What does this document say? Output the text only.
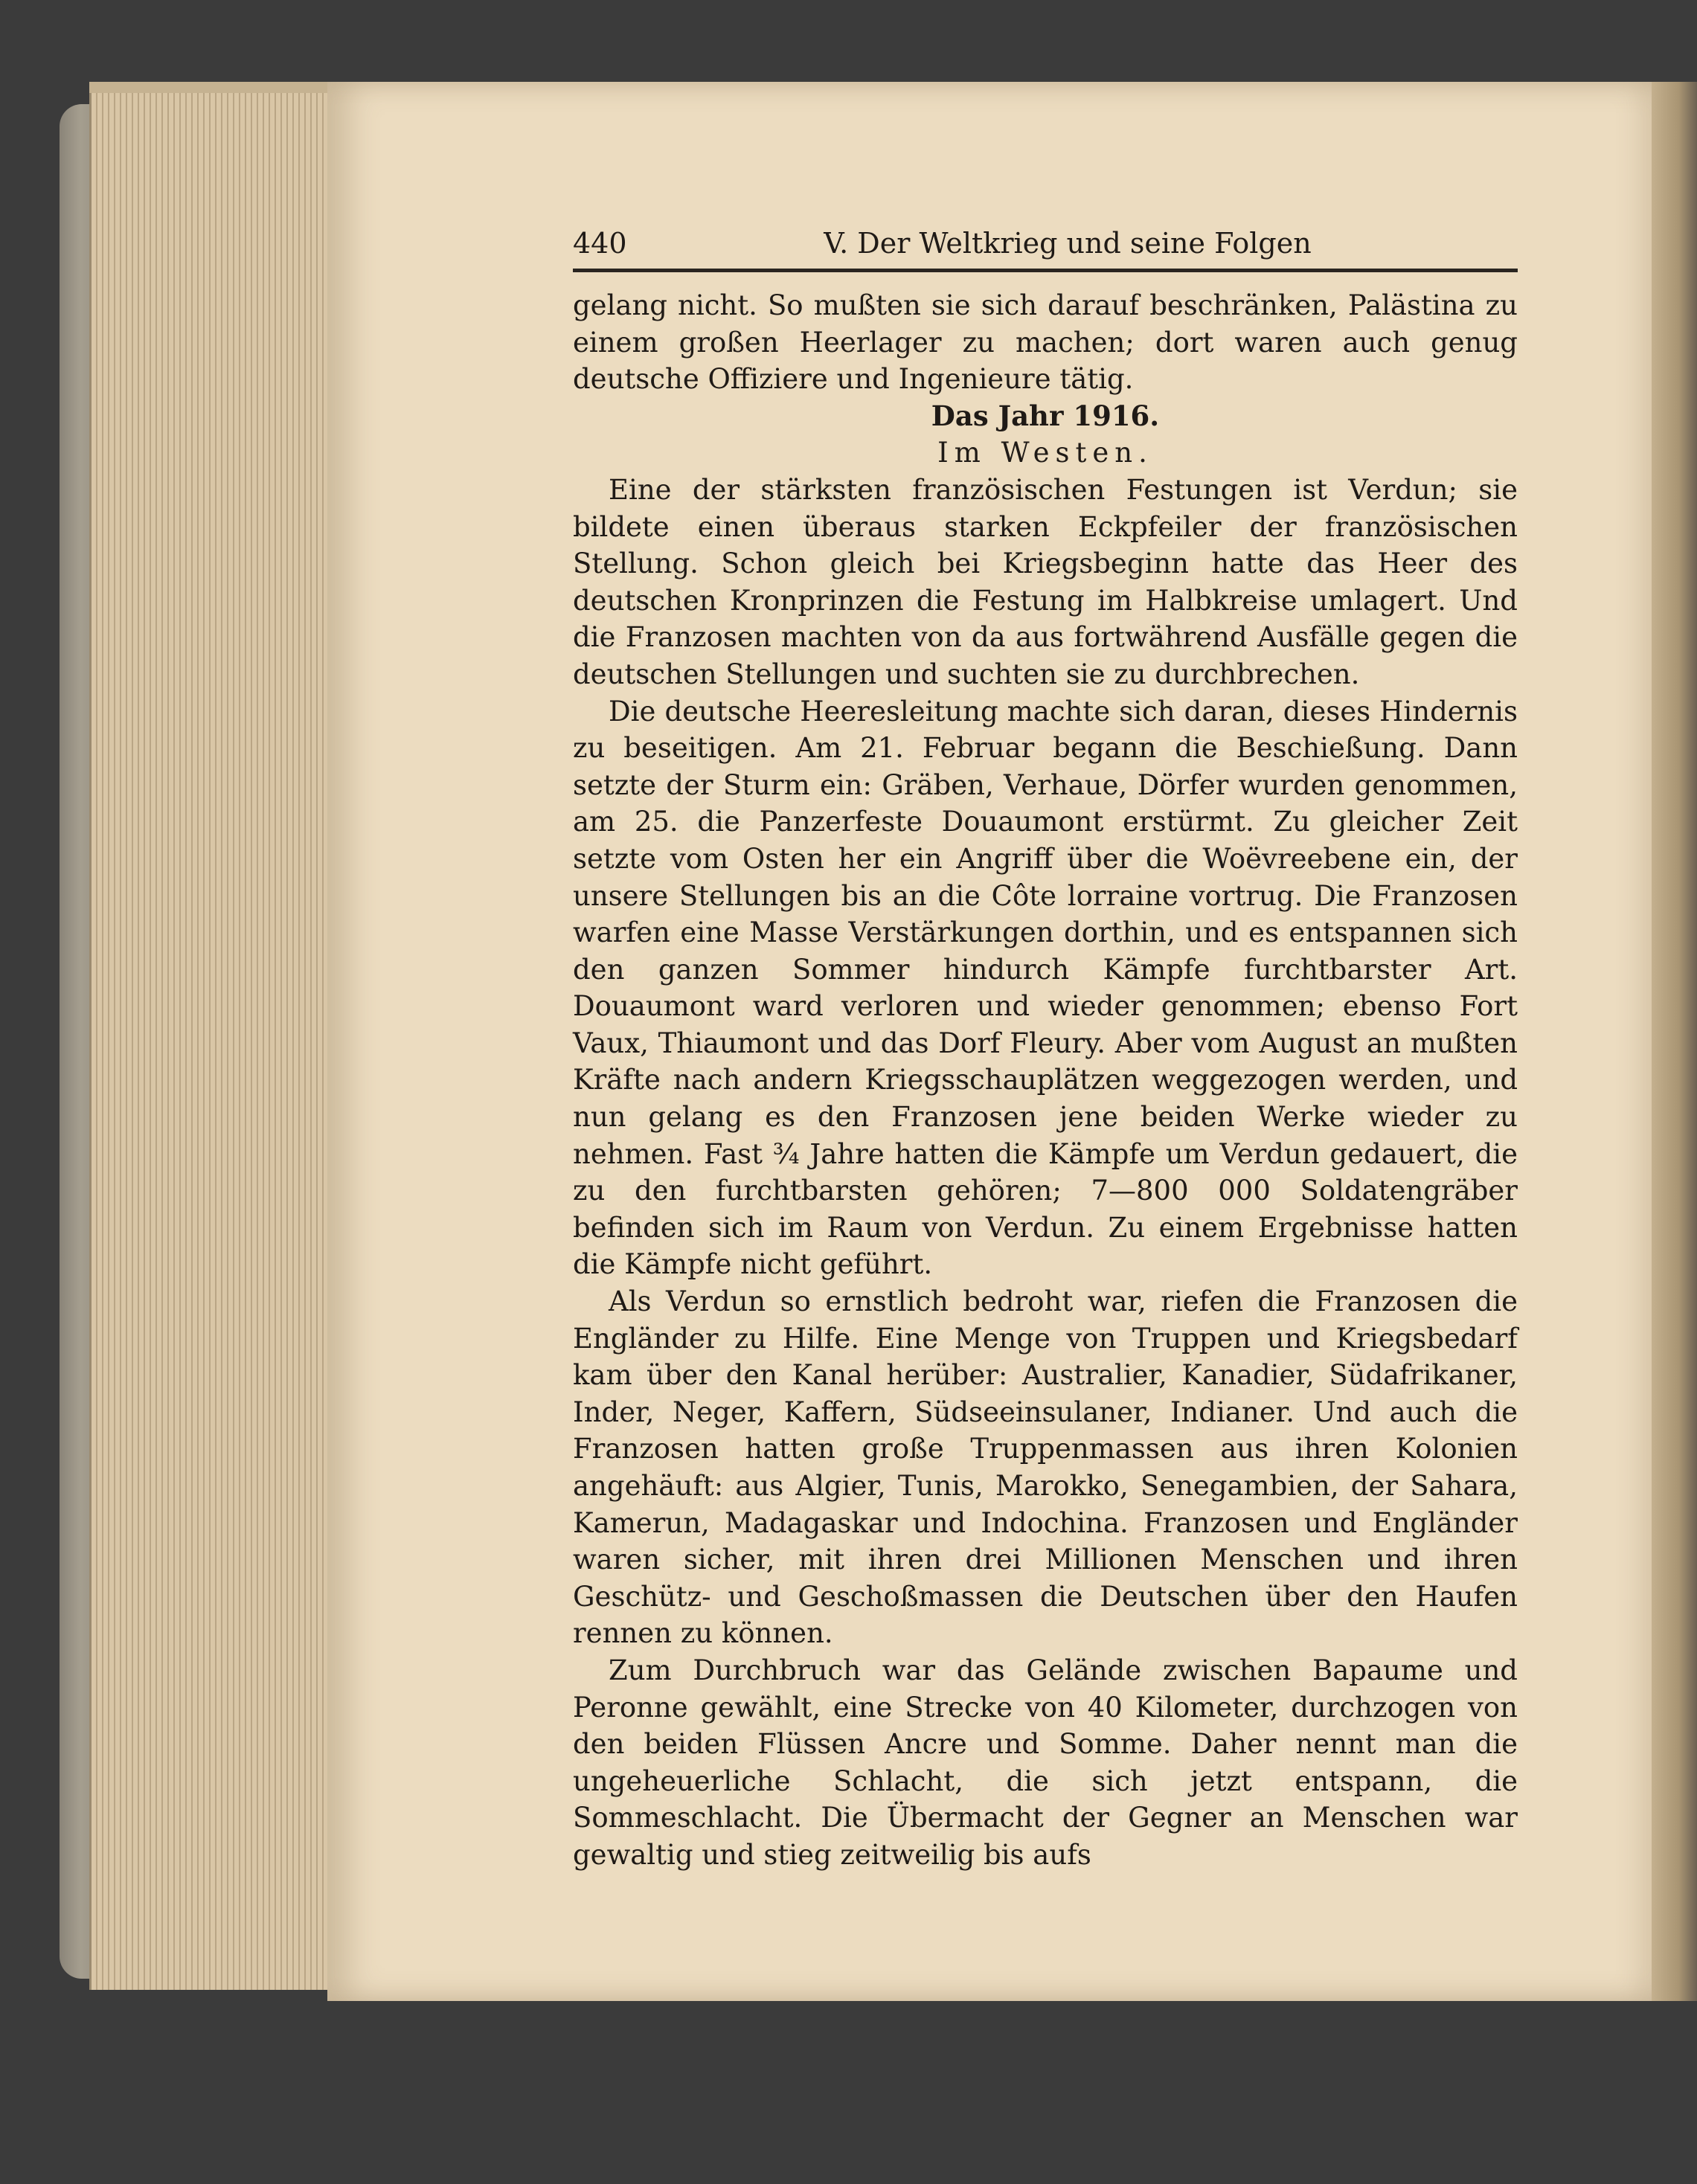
440	V. Der Weltkrieg und seine Folgen

gelang nicht. So mußten sie sich darauf beschränken, Palästina zu einem großen Heerlager zu machen; dort waren auch genug deutsche Offiziere und Ingenieure tätig.

Das Jahr 1916.

Im Westen.

Eine der stärksten französischen Festungen ist Verdun; sie bildete einen überaus starken Eckpfeiler der französischen Stellung. Schon gleich bei Kriegsbeginn hatte das Heer des deutschen Kronprinzen die Festung im Halbkreise umlagert. Und die Franzosen machten von da aus fortwährend Ausfälle gegen die deutschen Stellungen und suchten sie zu durchbrechen.

Die deutsche Heeresleitung machte sich daran, dieses Hindernis zu beseitigen. Am 21. Februar begann die Beschießung. Dann setzte der Sturm ein: Gräben, Verhaue, Dörfer wurden genommen, am 25. die Panzerfeste Douaumont erstürmt. Zu gleicher Zeit setzte vom Osten her ein Angriff über die Woëvreebene ein, der unsere Stellungen bis an die Côte lorraine vortrug. Die Franzosen warfen eine Masse Verstärkungen dorthin, und es entspannen sich den ganzen Sommer hindurch Kämpfe furchtbarster Art. Douaumont ward verloren und wieder genommen; ebenso Fort Vaux, Thiaumont und das Dorf Fleury. Aber vom August an mußten Kräfte nach andern Kriegsschauplätzen weggezogen werden, und nun gelang es den Franzosen jene beiden Werke wieder zu nehmen. Fast ¾ Jahre hatten die Kämpfe um Verdun gedauert, die zu den furchtbarsten gehören; 7—800 000 Soldatengräber befinden sich im Raum von Verdun. Zu einem Ergebnisse hatten die Kämpfe nicht geführt.

Als Verdun so ernstlich bedroht war, riefen die Franzosen die Engländer zu Hilfe. Eine Menge von Truppen und Kriegsbedarf kam über den Kanal herüber: Australier, Kanadier, Südafrikaner, Inder, Neger, Kaffern, Südseeinsulaner, Indianer. Und auch die Franzosen hatten große Truppenmassen aus ihren Kolonien angehäuft: aus Algier, Tunis, Marokko, Senegambien, der Sahara, Kamerun, Madagaskar und Indochina. Franzosen und Engländer waren sicher, mit ihren drei Millionen Menschen und ihren Geschütz- und Geschoßmassen die Deutschen über den Haufen rennen zu können.

Zum Durchbruch war das Gelände zwischen Bapaume und Peronne gewählt, eine Strecke von 40 Kilometer, durchzogen von den beiden Flüssen Ancre und Somme. Daher nennt man die ungeheuerliche Schlacht, die sich jetzt entspann, die Sommeschlacht. Die Übermacht der Gegner an Menschen war gewaltig und stieg zeitweilig bis aufs
